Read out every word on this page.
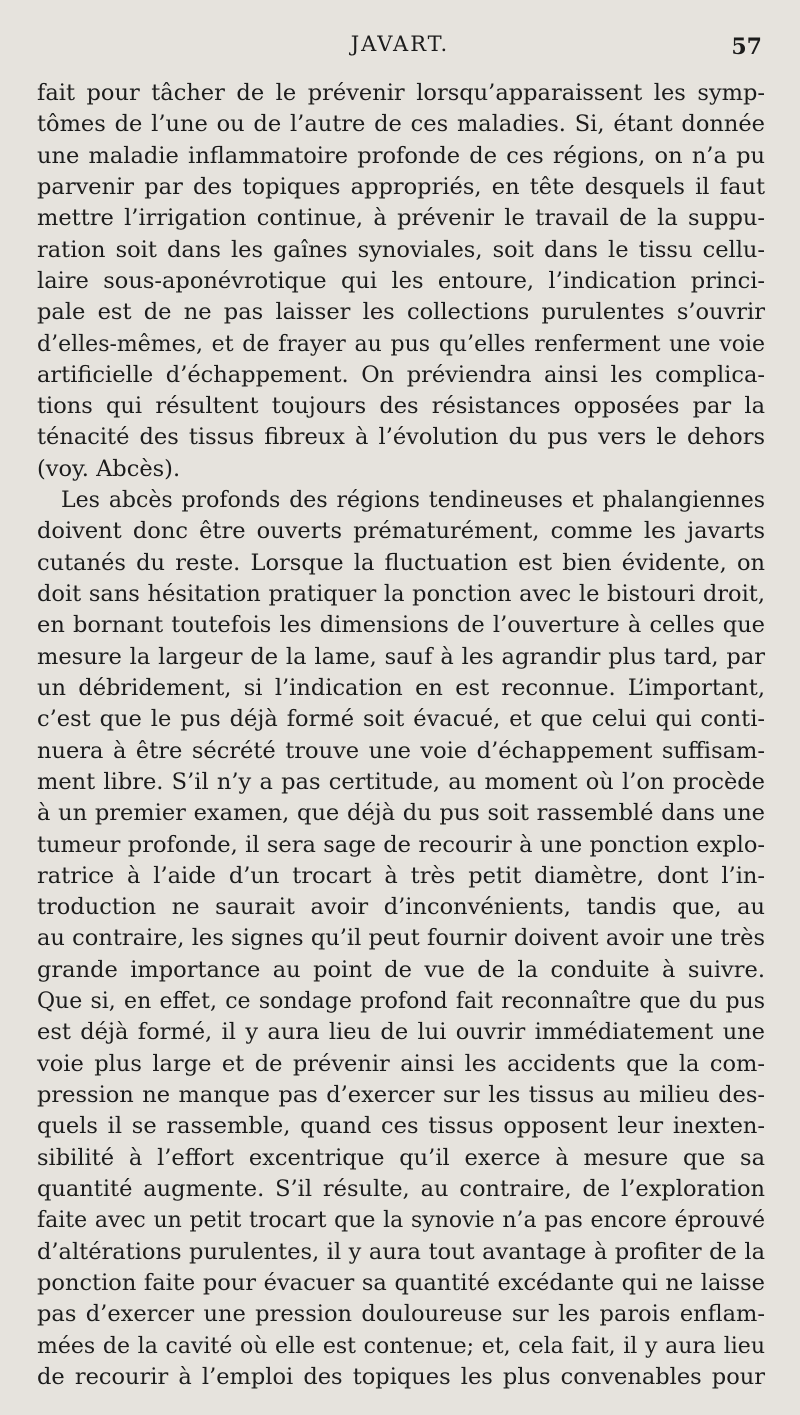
JAVART.	57
fait pour tâcher de le prévenir lorsqu’apparaissent les symp-
tômes de l’une ou de l’autre de ces maladies. Si, étant donnée
une maladie inflammatoire profonde de ces régions, on n’a pu
parvenir par des topiques appropriés, en tête desquels il faut
mettre l’irrigation continue, à prévenir le travail de la suppu-
ration soit dans les gaînes synoviales, soit dans le tissu cellu-
laire sous-aponévrotique qui les entoure, l’indication princi-
pale est de ne pas laisser les collections purulentes s’ouvrir
d’elles-mêmes, et de frayer au pus qu’elles renferment une voie
artificielle d’échappement. On préviendra ainsi les complica-
tions qui résultent toujours des résistances opposées par la
ténacité des tissus fibreux à l’évolution du pus vers le dehors
(voy. Abcès).
Les abcès profonds des régions tendineuses et phalangiennes
doivent donc être ouverts prématurément, comme les javarts
cutanés du reste. Lorsque la fluctuation est bien évidente, on
doit sans hésitation pratiquer la ponction avec le bistouri droit,
en bornant toutefois les dimensions de l’ouverture à celles que
mesure la largeur de la lame, sauf à les agrandir plus tard, par
un débridement, si l’indication en est reconnue. L’important,
c’est que le pus déjà formé soit évacué, et que celui qui conti-
nuera à être sécrété trouve une voie d’échappement suffisam-
ment libre. S’il n’y a pas certitude, au moment où l’on procède
à un premier examen, que déjà du pus soit rassemblé dans une
tumeur profonde, il sera sage de recourir à une ponction explo-
ratrice à l’aide d’un trocart à très petit diamètre, dont l’in-
troduction ne saurait avoir d’inconvénients, tandis que, au
au contraire, les signes qu’il peut fournir doivent avoir une très
grande importance au point de vue de la conduite à suivre.
Que si, en effet, ce sondage profond fait reconnaître que du pus
est déjà formé, il y aura lieu de lui ouvrir immédiatement une
voie plus large et de prévenir ainsi les accidents que la com-
pression ne manque pas d’exercer sur les tissus au milieu des-
quels il se rassemble, quand ces tissus opposent leur inexten-
sibilité à l’effort excentrique qu’il exerce à mesure que sa
quantité augmente. S’il résulte, au contraire, de l’exploration
faite avec un petit trocart que la synovie n’a pas encore éprouvé
d’altérations purulentes, il y aura tout avantage à profiter de la
ponction faite pour évacuer sa quantité excédante qui ne laisse
pas d’exercer une pression douloureuse sur les parois enflam-
mées de la cavité où elle est contenue; et, cela fait, il y aura lieu
de recourir à l’emploi des topiques les plus convenables pour
